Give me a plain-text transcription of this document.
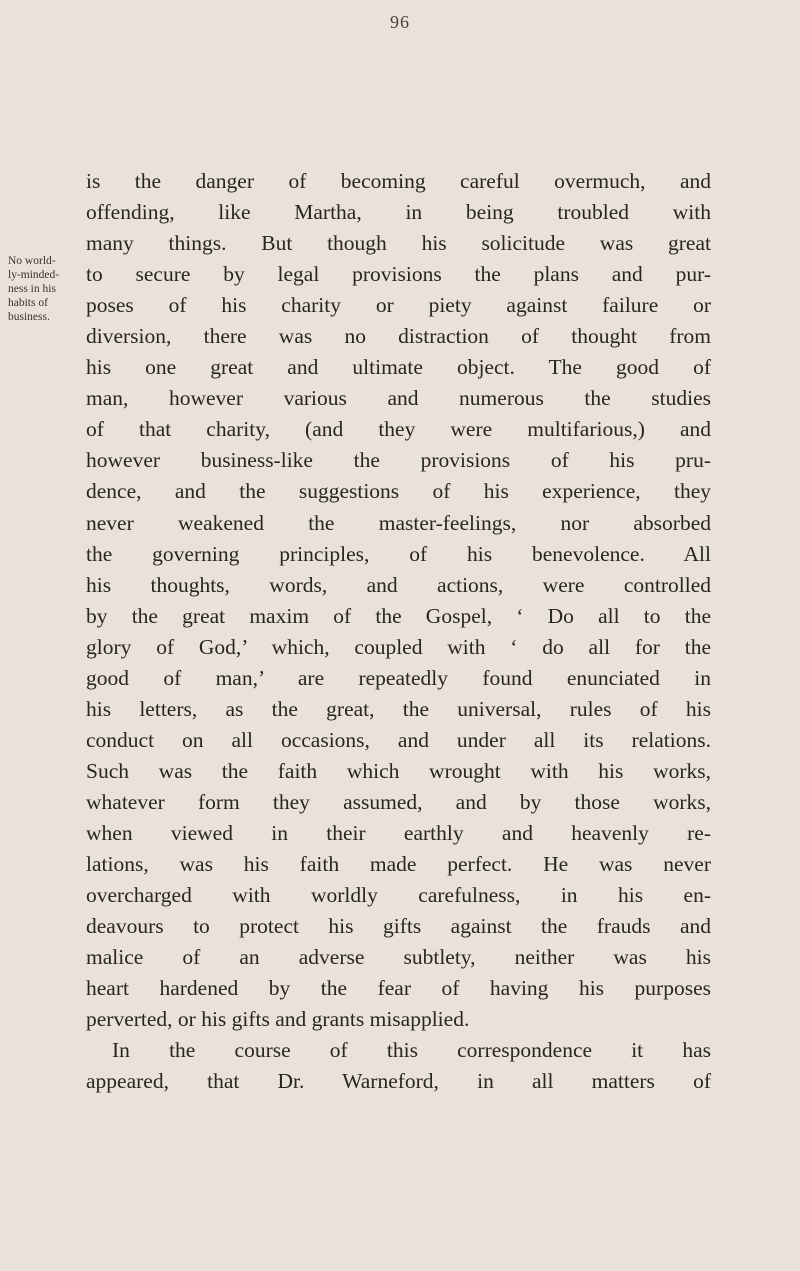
96
No world-
ly-minded-
ness in his
habits of
business.
is the danger of becoming careful overmuch, and
offending, like Martha, in being troubled with
many things. But though his solicitude was great
to secure by legal provisions the plans and pur-
poses of his charity or piety against failure or
diversion, there was no distraction of thought from
his one great and ultimate object. The good of
man, however various and numerous the studies
of that charity, (and they were multifarious,) and
however business-like the provisions of his pru-
dence, and the suggestions of his experience, they
never weakened the master-feelings, nor absorbed
the governing principles, of his benevolence. All
his thoughts, words, and actions, were controlled
by the great maxim of the Gospel, ‘ Do all to the
glory of God,’ which, coupled with ‘ do all for the
good of man,’ are repeatedly found enunciated in
his letters, as the great, the universal, rules of his
conduct on all occasions, and under all its relations.
Such was the faith which wrought with his works,
whatever form they assumed, and by those works,
when viewed in their earthly and heavenly re-
lations, was his faith made perfect. He was never
overcharged with worldly carefulness, in his en-
deavours to protect his gifts against the frauds and
malice of an adverse subtlety, neither was his
heart hardened by the fear of having his purposes
perverted, or his gifts and grants misapplied.
In the course of this correspondence it has
appeared, that Dr. Warneford, in all matters of
